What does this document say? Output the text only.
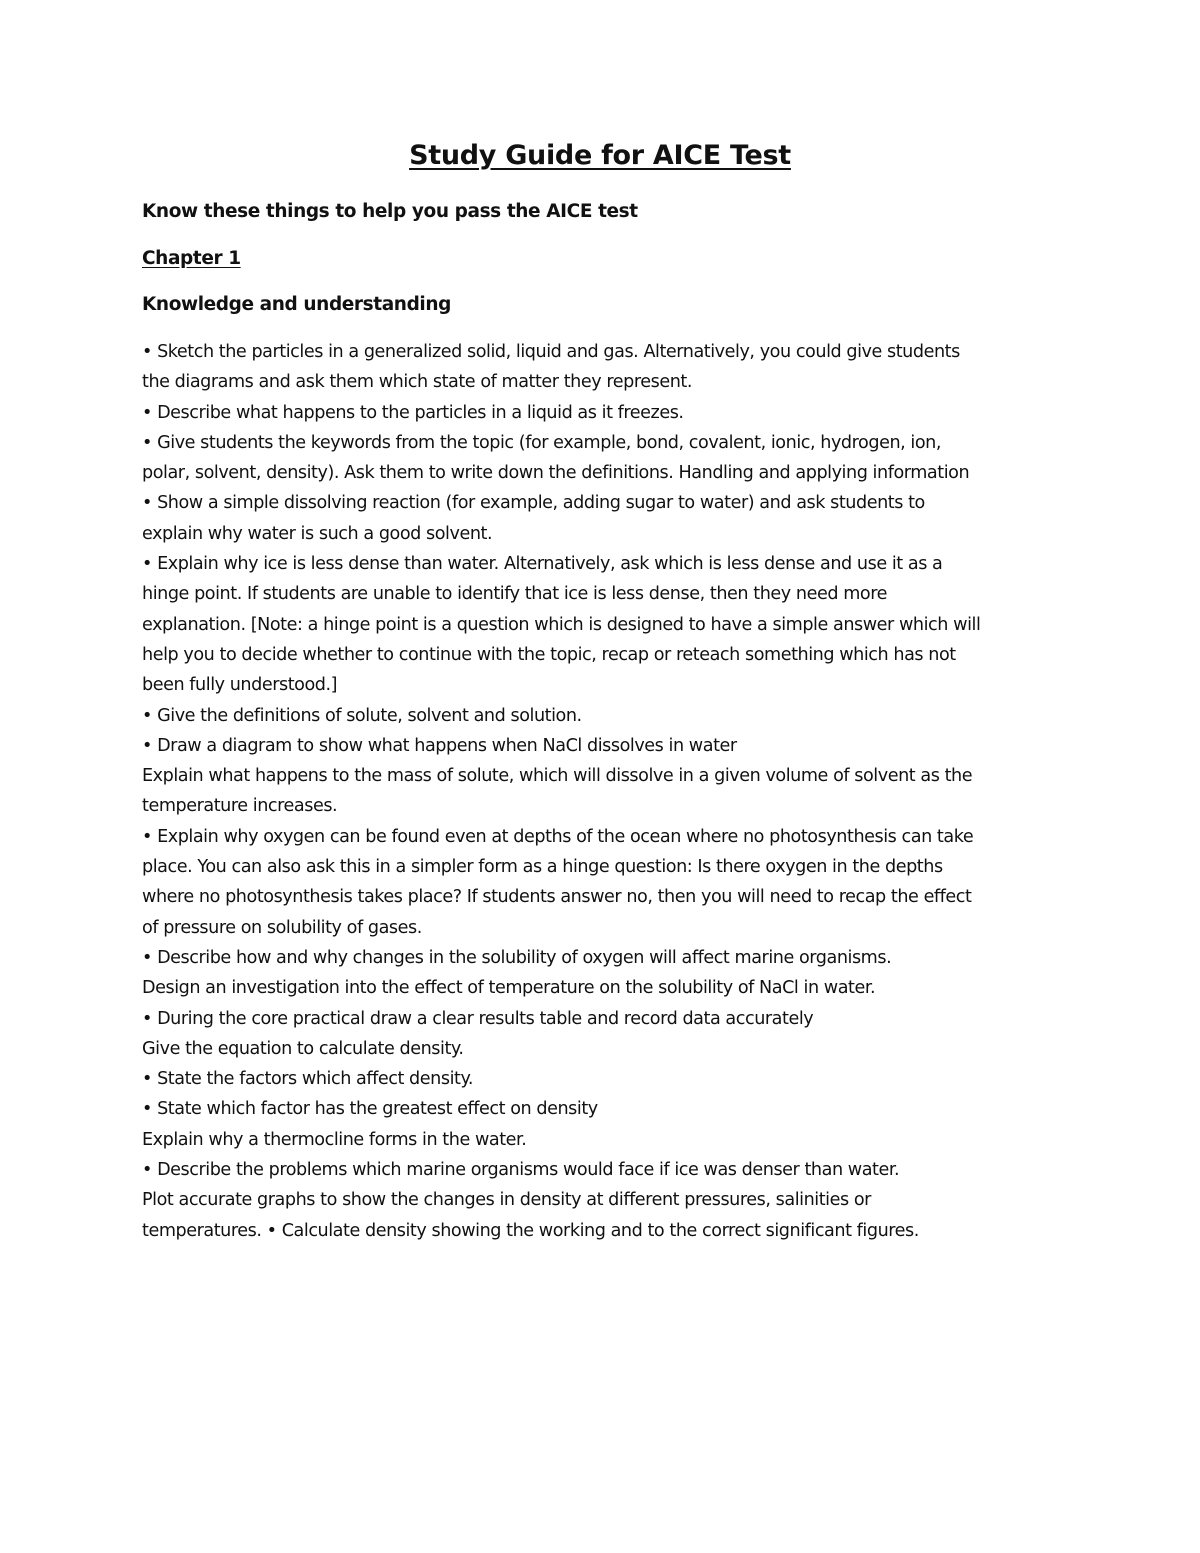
Study Guide for AICE Test
Know these things to help you pass the AICE test
Chapter 1
Knowledge and understanding
• Sketch the particles in a generalized solid, liquid and gas. Alternatively, you could give students
the diagrams and ask them which state of matter they represent.
• Describe what happens to the particles in a liquid as it freezes.
• Give students the keywords from the topic (for example, bond, covalent, ionic, hydrogen, ion,
polar, solvent, density). Ask them to write down the definitions. Handling and applying information
• Show a simple dissolving reaction (for example, adding sugar to water) and ask students to
explain why water is such a good solvent.
• Explain why ice is less dense than water. Alternatively, ask which is less dense and use it as a
hinge point. If students are unable to identify that ice is less dense, then they need more
explanation. [Note: a hinge point is a question which is designed to have a simple answer which will
help you to decide whether to continue with the topic, recap or reteach something which has not
been fully understood.]
• Give the definitions of solute, solvent and solution.
• Draw a diagram to show what happens when NaCl dissolves in water
Explain what happens to the mass of solute, which will dissolve in a given volume of solvent as the
temperature increases.
• Explain why oxygen can be found even at depths of the ocean where no photosynthesis can take
place. You can also ask this in a simpler form as a hinge question: Is there oxygen in the depths
where no photosynthesis takes place? If students answer no, then you will need to recap the effect
of pressure on solubility of gases.
• Describe how and why changes in the solubility of oxygen will affect marine organisms.
Design an investigation into the effect of temperature on the solubility of NaCl in water.
• During the core practical draw a clear results table and record data accurately
Give the equation to calculate density.
• State the factors which affect density.
• State which factor has the greatest effect on density
Explain why a thermocline forms in the water.
• Describe the problems which marine organisms would face if ice was denser than water.
Plot accurate graphs to show the changes in density at different pressures, salinities or
temperatures. • Calculate density showing the working and to the correct significant figures.
